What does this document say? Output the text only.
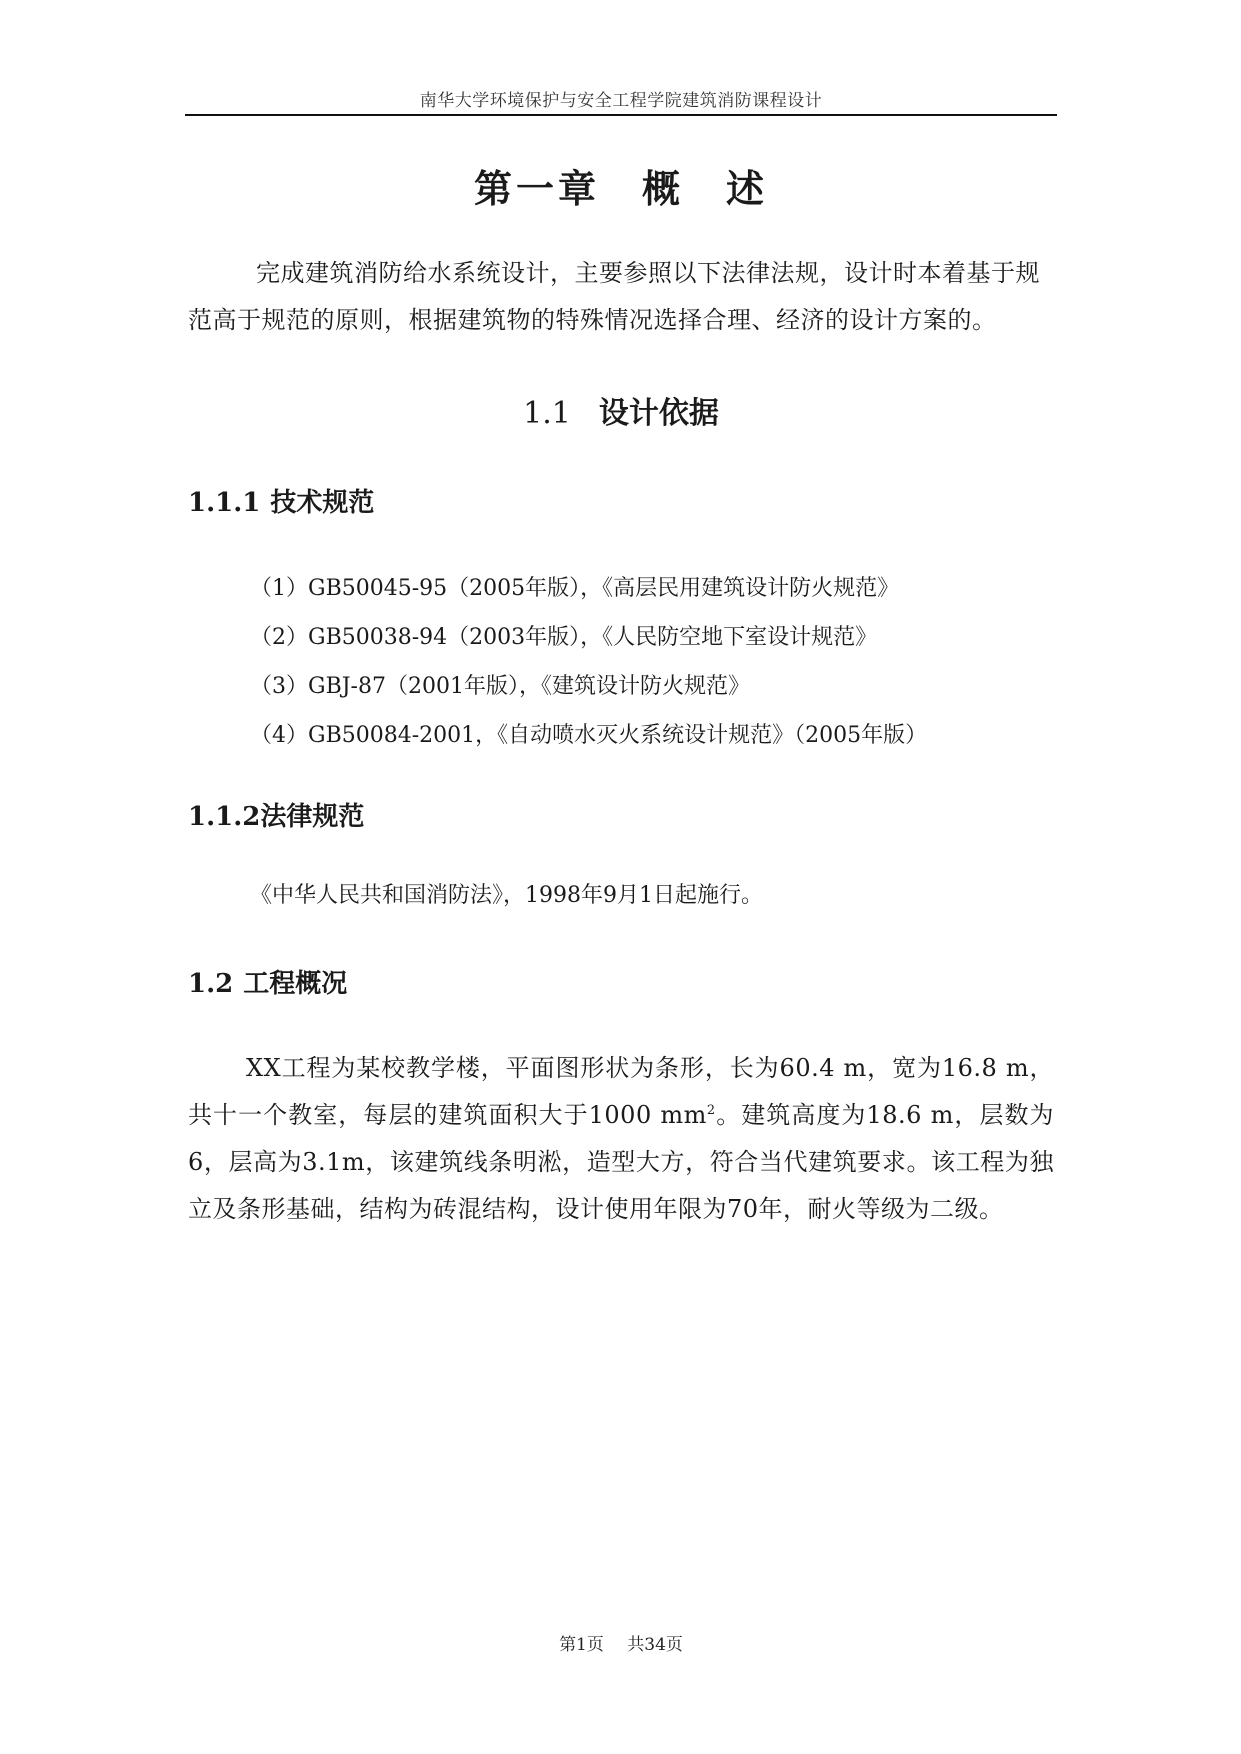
南华大学环境保护与安全工程学院建筑消防课程设计
第一章　概　述

完成建筑消防给水系统设计，主要参照以下法律法规，设计时本着基于规范高于规范的原则，根据建筑物的特殊情况选择合理、经济的设计方案的。

1.1 设计依据
1.1.1 技术规范
（1）GB50045-95（2005年版），《高层民用建筑设计防火规范》
（2）GB50038-94（2003年版），《人民防空地下室设计规范》
（3）GBJ-87（2001年版），《建筑设计防火规范》
（4）GB50084-2001，《自动喷水灭火系统设计规范》（2005年版）
1.1.2法律规范
《中华人民共和国消防法》，1998年9月1日起施行。
1.2 工程概况

XX工程为某校教学楼，平面图形状为条形，长为60.4 m，宽为16.8 m，共十一个教室，每层的建筑面积大于1000 $mm^2$。建筑高度为18.6 m，层数为6，层高为3.1m，该建筑线条明淞，造型大方，符合当代建筑要求。该工程为独立及条形基础，结构为砖混结构，设计使用年限为70年，耐火等级为二级。

第1页 共34页
